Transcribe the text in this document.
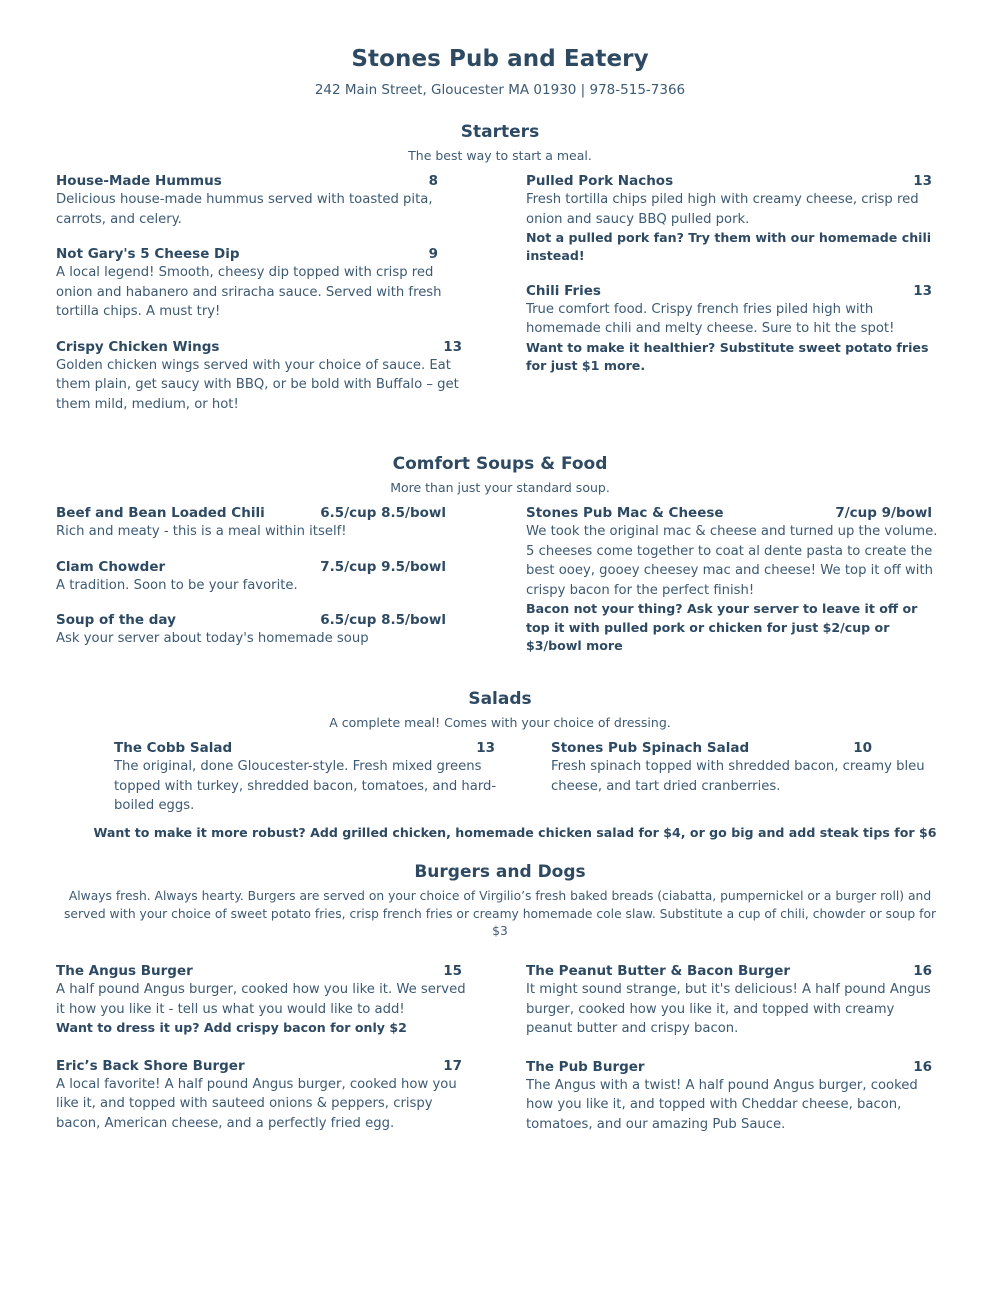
Stones Pub and Eatery
242 Main Street, Gloucester MA 01930 | 978-515-7366
Starters
The best way to start a meal.
House-Made Hummus	8

Delicious house-made hummus served with toasted pita, carrots, and celery.

Not Gary's 5 Cheese Dip	9

A local legend! Smooth, cheesy dip topped with crisp red onion and habanero and sriracha sauce. Served with fresh tortilla chips. A must try!

Crispy Chicken Wings	13

Golden chicken wings served with your choice of sauce. Eat them plain, get saucy with BBQ, or be bold with Buffalo – get them mild, medium, or hot!

Pulled Pork Nachos	13

Fresh tortilla chips piled high with creamy cheese, crisp red onion and saucy BBQ pulled pork.

Not a pulled pork fan? Try them with our homemade chili instead!

Chili Fries	13

True comfort food. Crispy french fries piled high with homemade chili and melty cheese. Sure to hit the spot!

Want to make it healthier? Substitute sweet potato fries for just $1 more.

Comfort Soups & Food
More than just your standard soup.
Beef and Bean Loaded Chili	6.5/cup 8.5/bowl

Rich and meaty - this is a meal within itself!

Clam Chowder	7.5/cup 9.5/bowl

A tradition. Soon to be your favorite.

Soup of the day	6.5/cup 8.5/bowl

Ask your server about today's homemade soup

Stones Pub Mac & Cheese	7/cup 9/bowl

We took the original mac & cheese and turned up the volume. 5 cheeses come together to coat al dente pasta to create the best ooey, gooey cheesey mac and cheese! We top it off with crispy bacon for the perfect finish!

Bacon not your thing? Ask your server to leave it off or top it with pulled pork or chicken for just $2/cup or $3/bowl more

Salads
A complete meal! Comes with your choice of dressing.
The Cobb Salad	13

The original, done Gloucester-style. Fresh mixed greens topped with turkey, shredded bacon, tomatoes, and hard-boiled eggs.

Stones Pub Spinach Salad	10

Fresh spinach topped with shredded bacon, creamy bleu cheese, and tart dried cranberries.

Want to make it more robust? Add grilled chicken, homemade chicken salad for $4, or go big and add steak tips for $6

Burgers and Dogs
Always fresh. Always hearty. Burgers are served on your choice of Virgilio’s fresh baked breads (ciabatta, pumpernickel or a burger roll) and served with your choice of sweet potato fries, crisp french fries or creamy homemade cole slaw. Substitute a cup of chili, chowder or soup for $3
The Angus Burger	15

A half pound Angus burger, cooked how you like it. We served it how you like it - tell us what you would like to add!

Want to dress it up? Add crispy bacon for only $2

Eric’s Back Shore Burger	17

A local favorite! A half pound Angus burger, cooked how you like it, and topped with sauteed onions & peppers, crispy bacon, American cheese, and a perfectly fried egg.

The Peanut Butter & Bacon Burger	16

It might sound strange, but it's delicious! A half pound Angus burger, cooked how you like it, and topped with creamy peanut butter and crispy bacon.

The Pub Burger	16

The Angus with a twist! A half pound Angus burger, cooked how you like it, and topped with Cheddar cheese, bacon, tomatoes, and our amazing Pub Sauce.
